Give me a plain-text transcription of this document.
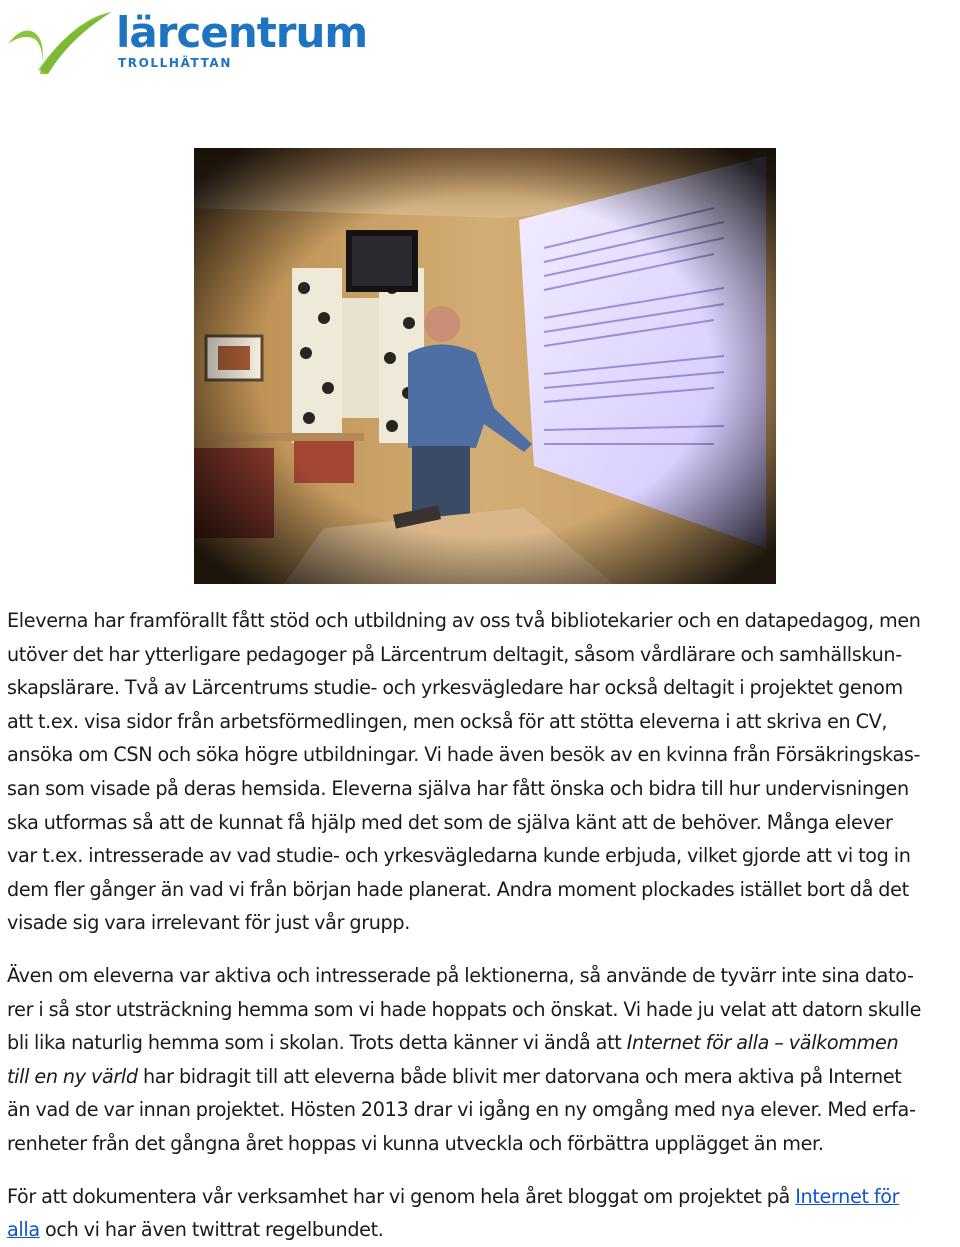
lärcentrum
TROLLHÄTTAN

Eleverna har framförallt fått stöd och utbildning av oss två bibliotekarier och en datapedagog, men
utöver det har ytterligare pedagoger på Lärcentrum deltagit, såsom vårdlärare och samhällskun-
skapslärare. Två av Lärcentrums studie- och yrkesvägledare har också deltagit i projektet genom
att t.ex. visa sidor från arbetsförmedlingen, men också för att stötta eleverna i att skriva en CV,
ansöka om CSN och söka högre utbildningar. Vi hade även besök av en kvinna från Försäkringskas-
san som visade på deras hemsida. Eleverna själva har fått önska och bidra till hur undervisningen
ska utformas så att de kunnat få hjälp med det som de själva känt att de behöver. Många elever
var t.ex. intresserade av vad studie- och yrkesvägledarna kunde erbjuda, vilket gjorde att vi tog in
dem fler gånger än vad vi från början hade planerat. Andra moment plockades istället bort då det
visade sig vara irrelevant för just vår grupp.

Även om eleverna var aktiva och intresserade på lektionerna, så använde de tyvärr inte sina dato-
rer i så stor utsträckning hemma som vi hade hoppats och önskat. Vi hade ju velat att datorn skulle
bli lika naturlig hemma som i skolan. Trots detta känner vi ändå att Internet för alla – välkommen
till en ny värld har bidragit till att eleverna både blivit mer datorvana och mera aktiva på Internet
än vad de var innan projektet. Hösten 2013 drar vi igång en ny omgång med nya elever. Med erfa-
renheter från det gångna året hoppas vi kunna utveckla och förbättra upplägget än mer.

För att dokumentera vår verksamhet har vi genom hela året bloggat om projektet på Internet för
alla och vi har även twittrat regelbundet.
